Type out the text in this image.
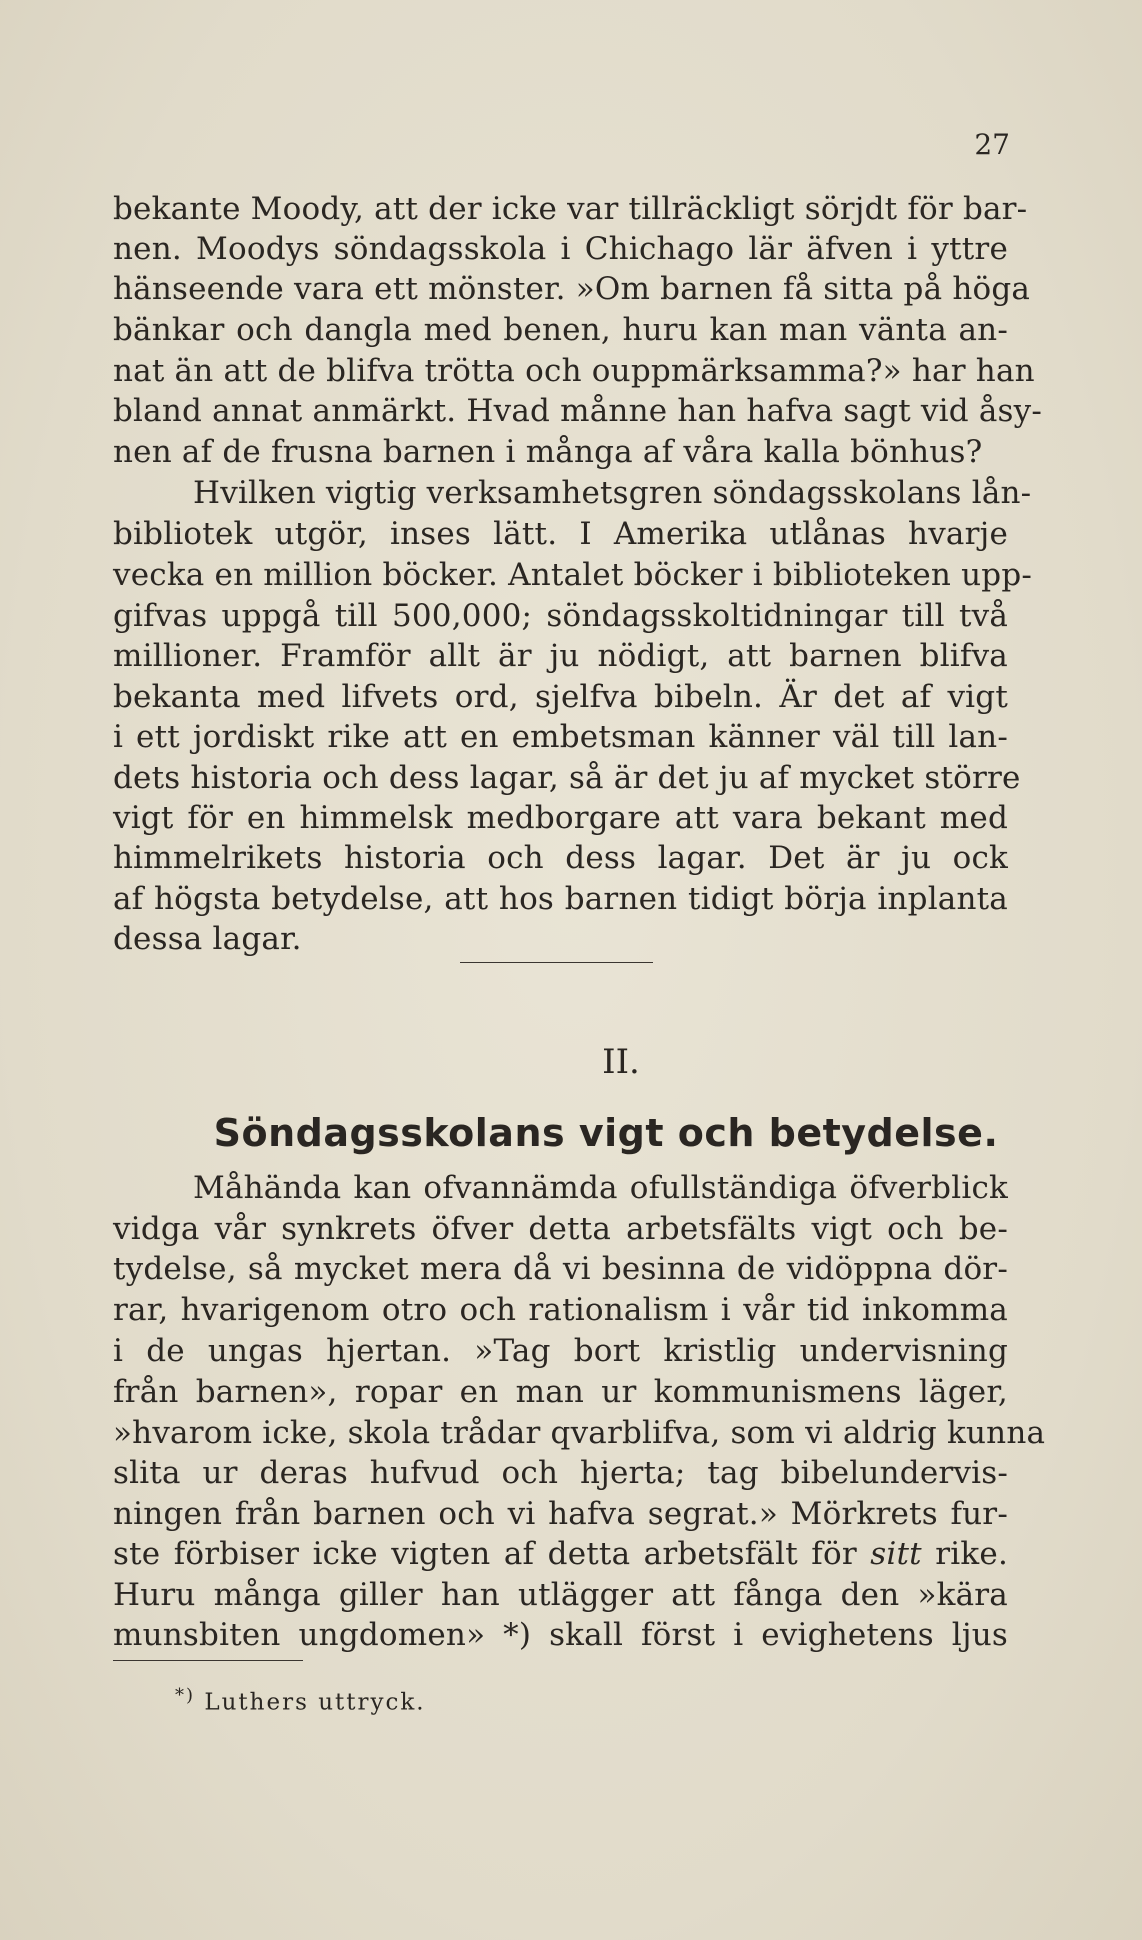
27
bekante Moody, att der icke var tillräckligt sörjdt för bar-
nen. Moodys söndagsskola i Chichago lär äfven i yttre
hänseende vara ett mönster. »Om barnen få sitta på höga
bänkar och dangla med benen, huru kan man vänta an-
nat än att de blifva trötta och ouppmärksamma?» har han
bland annat anmärkt. Hvad månne han hafva sagt vid åsy-
nen af de frusna barnen i många af våra kalla bönhus?
Hvilken vigtig verksamhetsgren söndagsskolans lån-
bibliotek utgör, inses lätt. I Amerika utlånas hvarje
vecka en million böcker. Antalet böcker i biblioteken upp-
gifvas uppgå till 500,000; söndagsskoltidningar till två
millioner. Framför allt är ju nödigt, att barnen blifva
bekanta med lifvets ord, sjelfva bibeln. Är det af vigt
i ett jordiskt rike att en embetsman känner väl till lan-
dets historia och dess lagar, så är det ju af mycket större
vigt för en himmelsk medborgare att vara bekant med
himmelrikets historia och dess lagar. Det är ju ock
af högsta betydelse, att hos barnen tidigt börja inplanta
dessa lagar.
II.
Söndagsskolans vigt och betydelse.
Måhända kan ofvannämda ofullständiga öfverblick
vidga vår synkrets öfver detta arbetsfälts vigt och be-
tydelse, så mycket mera då vi besinna de vidöppna dör-
rar, hvarigenom otro och rationalism i vår tid inkomma
i de ungas hjertan. »Tag bort kristlig undervisning
från barnen», ropar en man ur kommunismens läger,
»hvarom icke, skola trådar qvarblifva, som vi aldrig kunna
slita ur deras hufvud och hjerta; tag bibelundervis-
ningen från barnen och vi hafva segrat.» Mörkrets fur-
ste förbiser icke vigten af detta arbetsfält för sitt rike.
Huru många giller han utlägger att fånga den »kära
munsbiten ungdomen» *) skall först i evighetens ljus
*) Luthers uttryck.
